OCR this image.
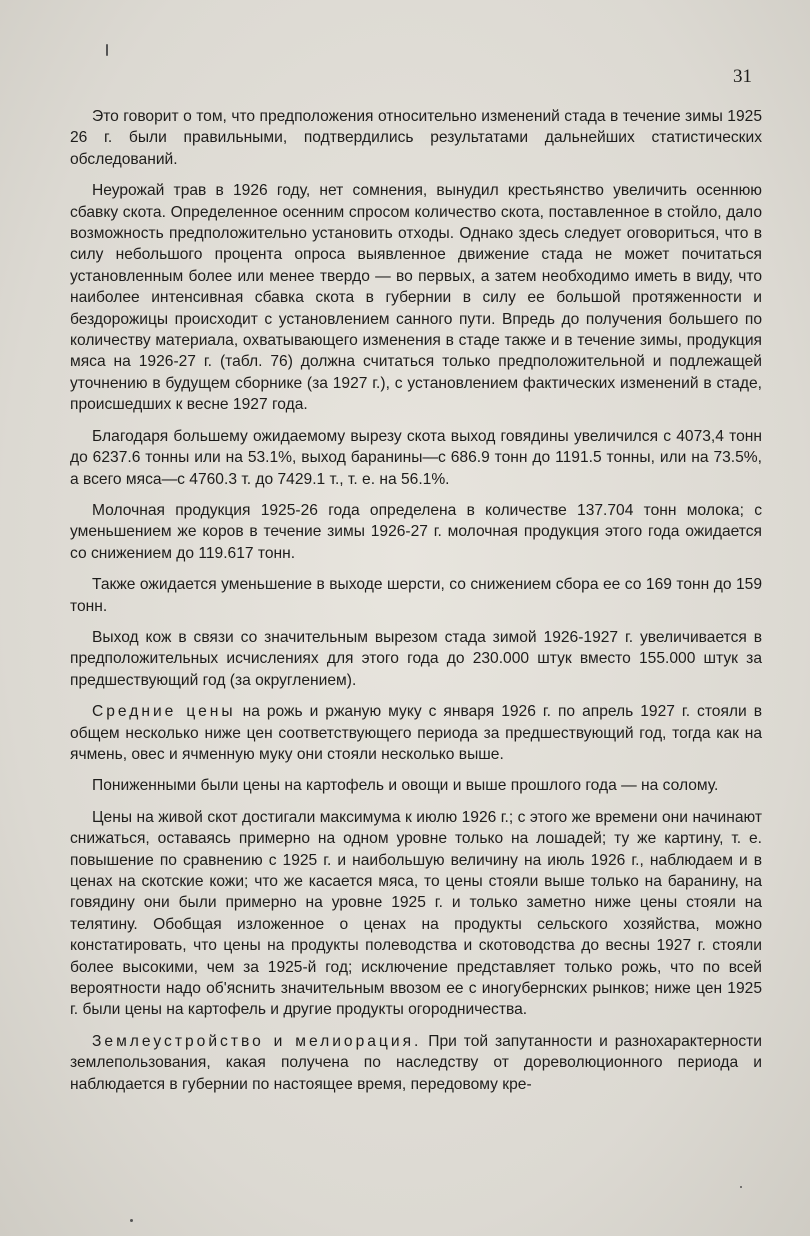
31

Это говорит о том, что предположения относительно изменений стада в течение зимы 1925 26 г. были правильными, подтвердились результатами дальнейших статистических обследований.

Неурожай трав в 1926 году, нет сомнения, вынудил крестьянство увеличить осеннюю сбавку скота. Определенное осенним спросом количество скота, поставленное в стойло, дало возможность предположительно установить отходы. Однако здесь следует оговориться, что в силу небольшого процента опроса выявленное движение стада не может почитаться установленным более или менее твердо — во первых, а затем необходимо иметь в виду, что наиболее интенсивная сбавка скота в губернии в силу ее большой протяженности и бездорожицы происходит с установлением санного пути. Впредь до получения большего по количеству материала, охватывающего изменения в стаде также и в течение зимы, продукция мяса на 1926-27 г. (табл. 76) должна считаться только предположительной и подлежащей уточнению в будущем сборнике (за 1927 г.), с установлением фактических изменений в стаде, происшедших к весне 1927 года.

Благодаря большему ожидаемому вырезу скота выход говядины увеличился с 4073,4 тонн до 6237.6 тонны или на 53.1%, выход баранины—с 686.9 тонн до 1191.5 тонны, или на 73.5%, а всего мяса—с 4760.3 т. до 7429.1 т., т. е. на 56.1%.

Молочная продукция 1925-26 года определена в количестве 137.704 тонн молока; с уменьшением же коров в течение зимы 1926-27 г. молочная продукция этого года ожидается со снижением до 119.617 тонн.

Также ожидается уменьшение в выходе шерсти, со снижением сбора ее со 169 тонн до 159 тонн.

Выход кож в связи со значительным вырезом стада зимой 1926-1927 г. увеличивается в предположительных исчислениях для этого года до 230.000 штук вместо 155.000 штук за предшествующий год (за округлением).

Средние цены на рожь и ржаную муку с января 1926 г. по апрель 1927 г. стояли в общем несколько ниже цен соответствующего периода за предшествующий год, тогда как на ячмень, овес и ячменную муку они стояли несколько выше.

Пониженными были цены на картофель и овощи и выше прошлого года — на солому.

Цены на живой скот достигали максимума к июлю 1926 г.; с этого же времени они начинают снижаться, оставаясь примерно на одном уровне только на лошадей; ту же картину, т. е. повышение по сравнению с 1925 г. и наибольшую величину на июль 1926 г., наблюдаем и в ценах на скотские кожи; что же касается мяса, то цены стояли выше только на баранину, на говядину они были примерно на уровне 1925 г. и только заметно ниже цены стояли на телятину. Обобщая изложенное о ценах на продукты сельского хозяйства, можно констатировать, что цены на продукты полеводства и скотоводства до весны 1927 г. стояли более высокими, чем за 1925-й год; исключение представляет только рожь, что по всей вероятности надо об'яснить значительным ввозом ее с иногубернских рынков; ниже цен 1925 г. были цены на картофель и другие продукты огородничества.

Землеустройство и мелиорация. При той запутанности и разнохарактерности землепользования, какая получена по наследству от дореволюционного периода и наблюдается в губернии по настоящее время, передовому кре-
